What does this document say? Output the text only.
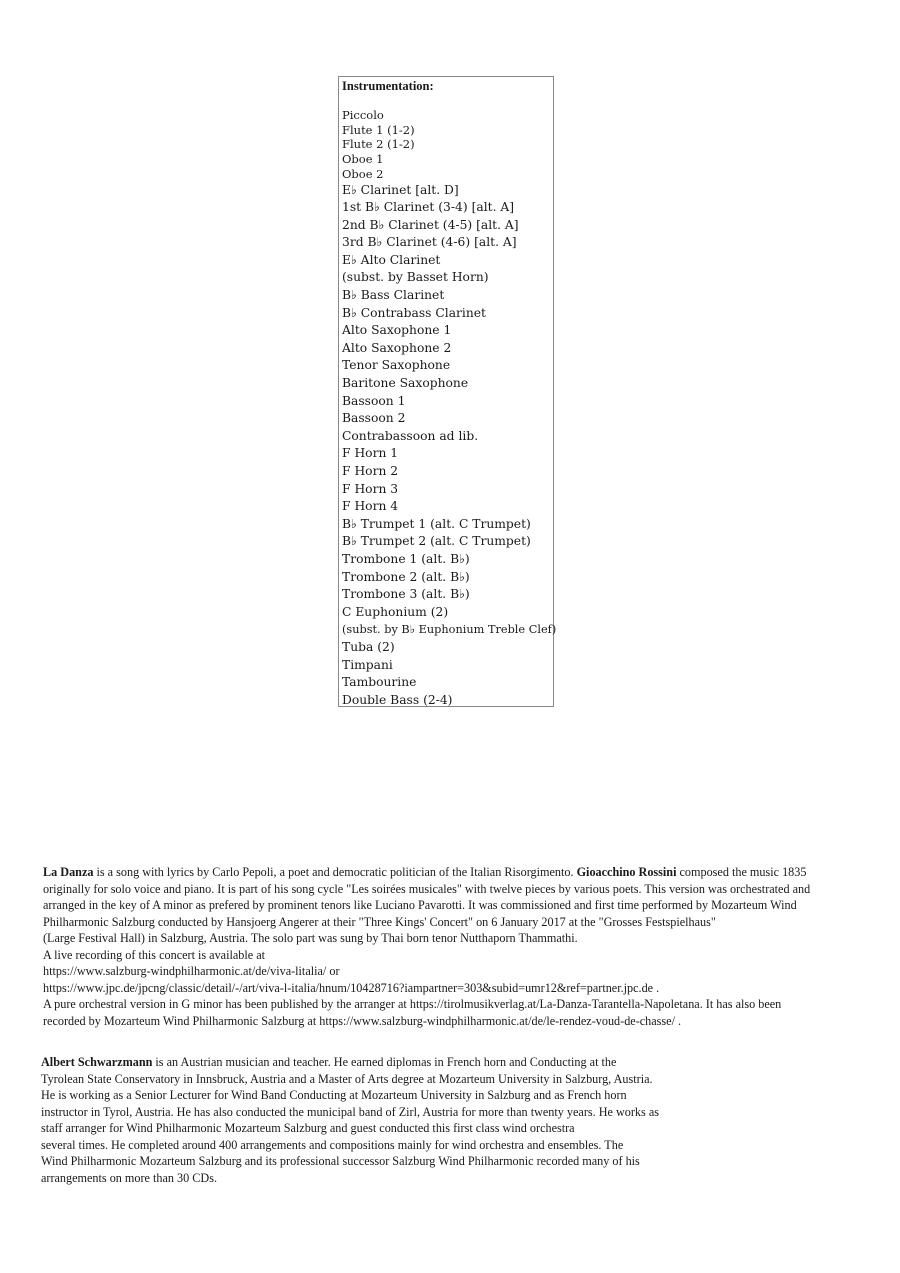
Instrumentation:

Piccolo
Flute 1 (1-2)
Flute 2 (1-2)
Oboe 1
Oboe 2
E♭ Clarinet [alt. D]
1st B♭ Clarinet (3-4) [alt. A]
2nd B♭ Clarinet (4-5) [alt. A]
3rd B♭ Clarinet (4-6) [alt. A]
E♭ Alto Clarinet
(subst. by Basset Horn)
B♭ Bass Clarinet
B♭ Contrabass Clarinet
Alto Saxophone 1
Alto Saxophone 2
Tenor Saxophone
Baritone Saxophone
Bassoon 1
Bassoon 2
Contrabassoon ad lib.
F Horn 1
F Horn 2
F Horn 3
F Horn 4
B♭ Trumpet 1 (alt. C Trumpet)
B♭ Trumpet 2 (alt. C Trumpet)
Trombone 1 (alt. B♭)
Trombone 2 (alt. B♭)
Trombone 3 (alt. B♭)
C Euphonium (2)
(subst. by B♭ Euphonium Treble Clef)
Tuba (2)
Timpani
Tambourine
Double Bass (2-4)
La Danza is a song with lyrics by Carlo Pepoli, a poet and democratic politician of the Italian Risorgimento. Gioacchino Rossini composed the music 1835
originally for solo voice and piano. It is part of his song cycle "Les soirées musicales" with twelve pieces by various poets. This version was orchestrated and
arranged in the key of A minor as prefered by prominent tenors like Luciano Pavarotti. It was commissioned and first time performed by Mozarteum Wind
Philharmonic Salzburg conducted by Hansjoerg Angerer at their "Three Kings' Concert" on 6 January 2017 at the "Grosses Festspielhaus"
(Large Festival Hall) in Salzburg, Austria. The solo part was sung by Thai born tenor Nutthaporn Thammathi.
A live recording of this concert is available at
https://www.salzburg-windphilharmonic.at/de/viva-litalia/ or
https://www.jpc.de/jpcng/classic/detail/-/art/viva-l-italia/hnum/10428716?iampartner=303&subid=umr12&ref=partner.jpc.de .
A pure orchestral version in G minor has been published by the arranger at https://tirolmusikverlag.at/La-Danza-Tarantella-Napoletana. It has also been
recorded by Mozarteum Wind Philharmonic Salzburg at https://www.salzburg-windphilharmonic.at/de/le-rendez-voud-de-chasse/ .
Albert Schwarzmann is an Austrian musician and teacher. He earned diplomas in French horn and Conducting at the
Tyrolean State Conservatory in Innsbruck, Austria and a Master of Arts degree at Mozarteum University in Salzburg, Austria.
He is working as a Senior Lecturer for Wind Band Conducting at Mozarteum University in Salzburg and as French horn
instructor in Tyrol, Austria. He has also conducted the municipal band of Zirl, Austria for more than twenty years. He works as
staff arranger for Wind Philharmonic Mozarteum Salzburg and guest conducted this first class wind orchestra
several times. He completed around 400 arrangements and compositions mainly for wind orchestra and ensembles. The
Wind Philharmonic Mozarteum Salzburg and its professional successor Salzburg Wind Philharmonic recorded many of his
arrangements on more than 30 CDs.
